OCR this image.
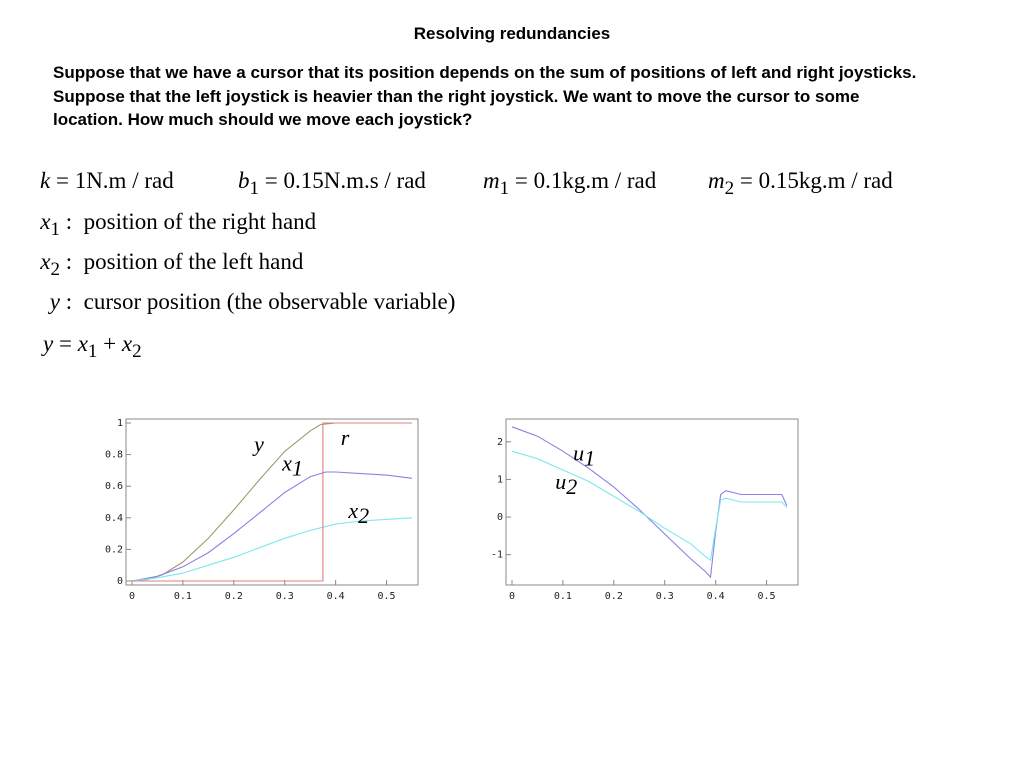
Resolving redundancies
Suppose that we have a cursor that its position depends on the sum of positions of left and right joysticks. Suppose that the left joystick is heavier than the right joystick. We want to move the cursor to some location. How much should we move each joystick?
k = 1N.m / rad	$b_1 = 0.15N.m.s$ / rad $m_1 = 0.1kg.m$ / rad $m_2 = 0.15kg.m$ / rad
$x_1$ :  position of the right hand
$x_2$ :  position of the left hand
y :  cursor position (the observable variable)
$y = x_1 + x_2$
0	0.1	0.2	0.3	0.4	0.5
0
0.2
0.4
0.6
0.8
1
y
x1
r
x2
0	0.1	0.2	0.3	0.4	0.5
-1
0
1
2	u1
u2
